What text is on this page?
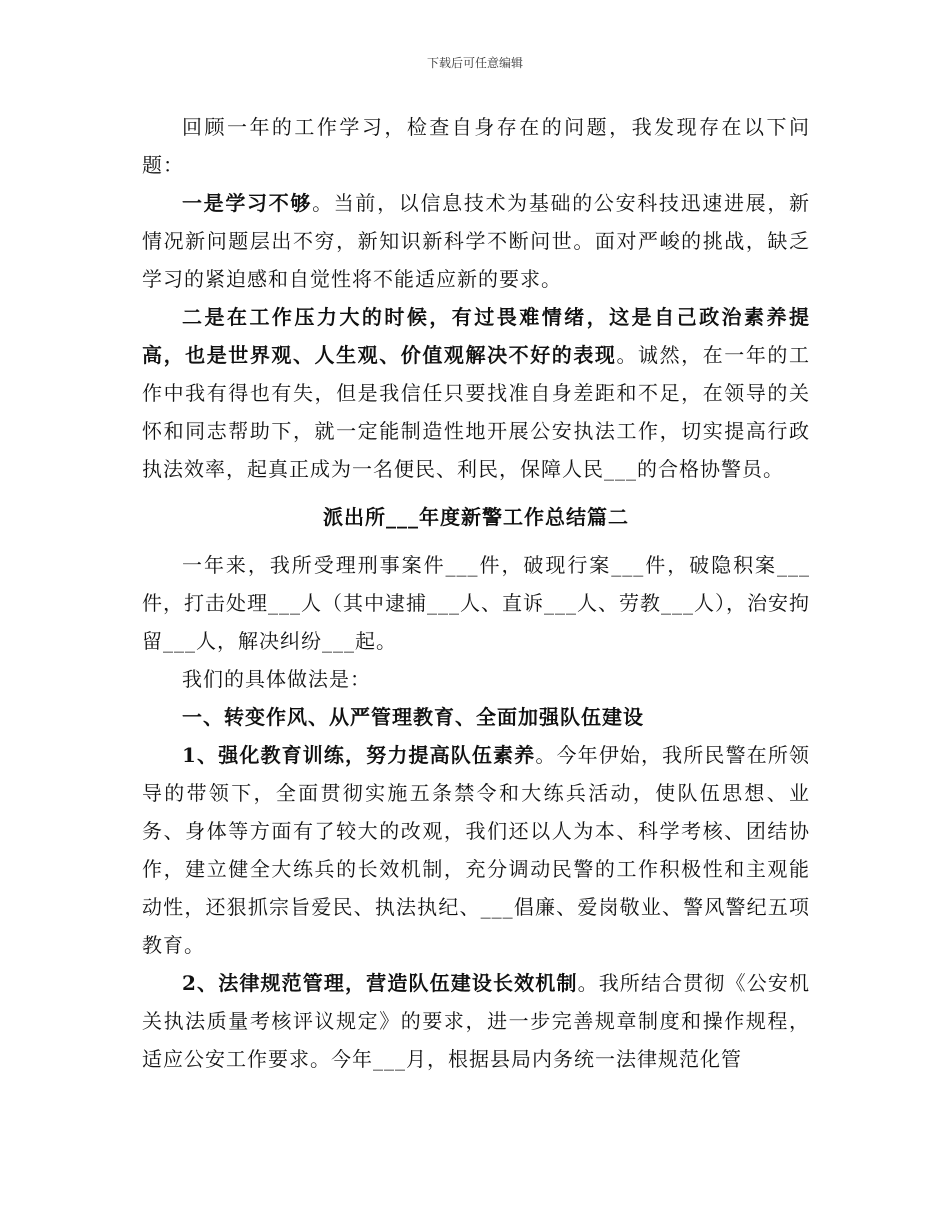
下载后可任意编辑

回顾一年的工作学习，检查自身存在的问题，我发现存在以下问题：

一是学习不够。当前，以信息技术为基础的公安科技迅速进展，新情况新问题层出不穷，新知识新科学不断问世。面对严峻的挑战，缺乏学习的紧迫感和自觉性将不能适应新的要求。

二是在工作压力大的时候，有过畏难情绪，这是自己政治素养提高，也是世界观、人生观、价值观解决不好的表现。诚然，在一年的工作中我有得也有失，但是我信任只要找准自身差距和不足，在领导的关怀和同志帮助下，就一定能制造性地开展公安执法工作，切实提高行政执法效率，起真正成为一名便民、利民，保障人民___的合格协警员。

派出所___年度新警工作总结篇二

一年来，我所受理刑事案件___件，破现行案___件，破隐积案___件，打击处理___人（其中逮捕___人、直诉___人、劳教___人），治安拘留___人，解决纠纷___起。

我们的具体做法是：

一、转变作风、从严管理教育、全面加强队伍建设

1、强化教育训练，努力提高队伍素养。今年伊始，我所民警在所领导的带领下，全面贯彻实施五条禁令和大练兵活动，使队伍思想、业务、身体等方面有了较大的改观，我们还以人为本、科学考核、团结协作，建立健全大练兵的长效机制，充分调动民警的工作积极性和主观能动性，还狠抓宗旨爱民、执法执纪、___倡廉、爱岗敬业、警风警纪五项教育。

2、法律规范管理，营造队伍建设长效机制。我所结合贯彻《公安机关执法质量考核评议规定》的要求，进一步完善规章制度和操作规程，适应公安工作要求。今年___月，根据县局内务统一法律规范化管
